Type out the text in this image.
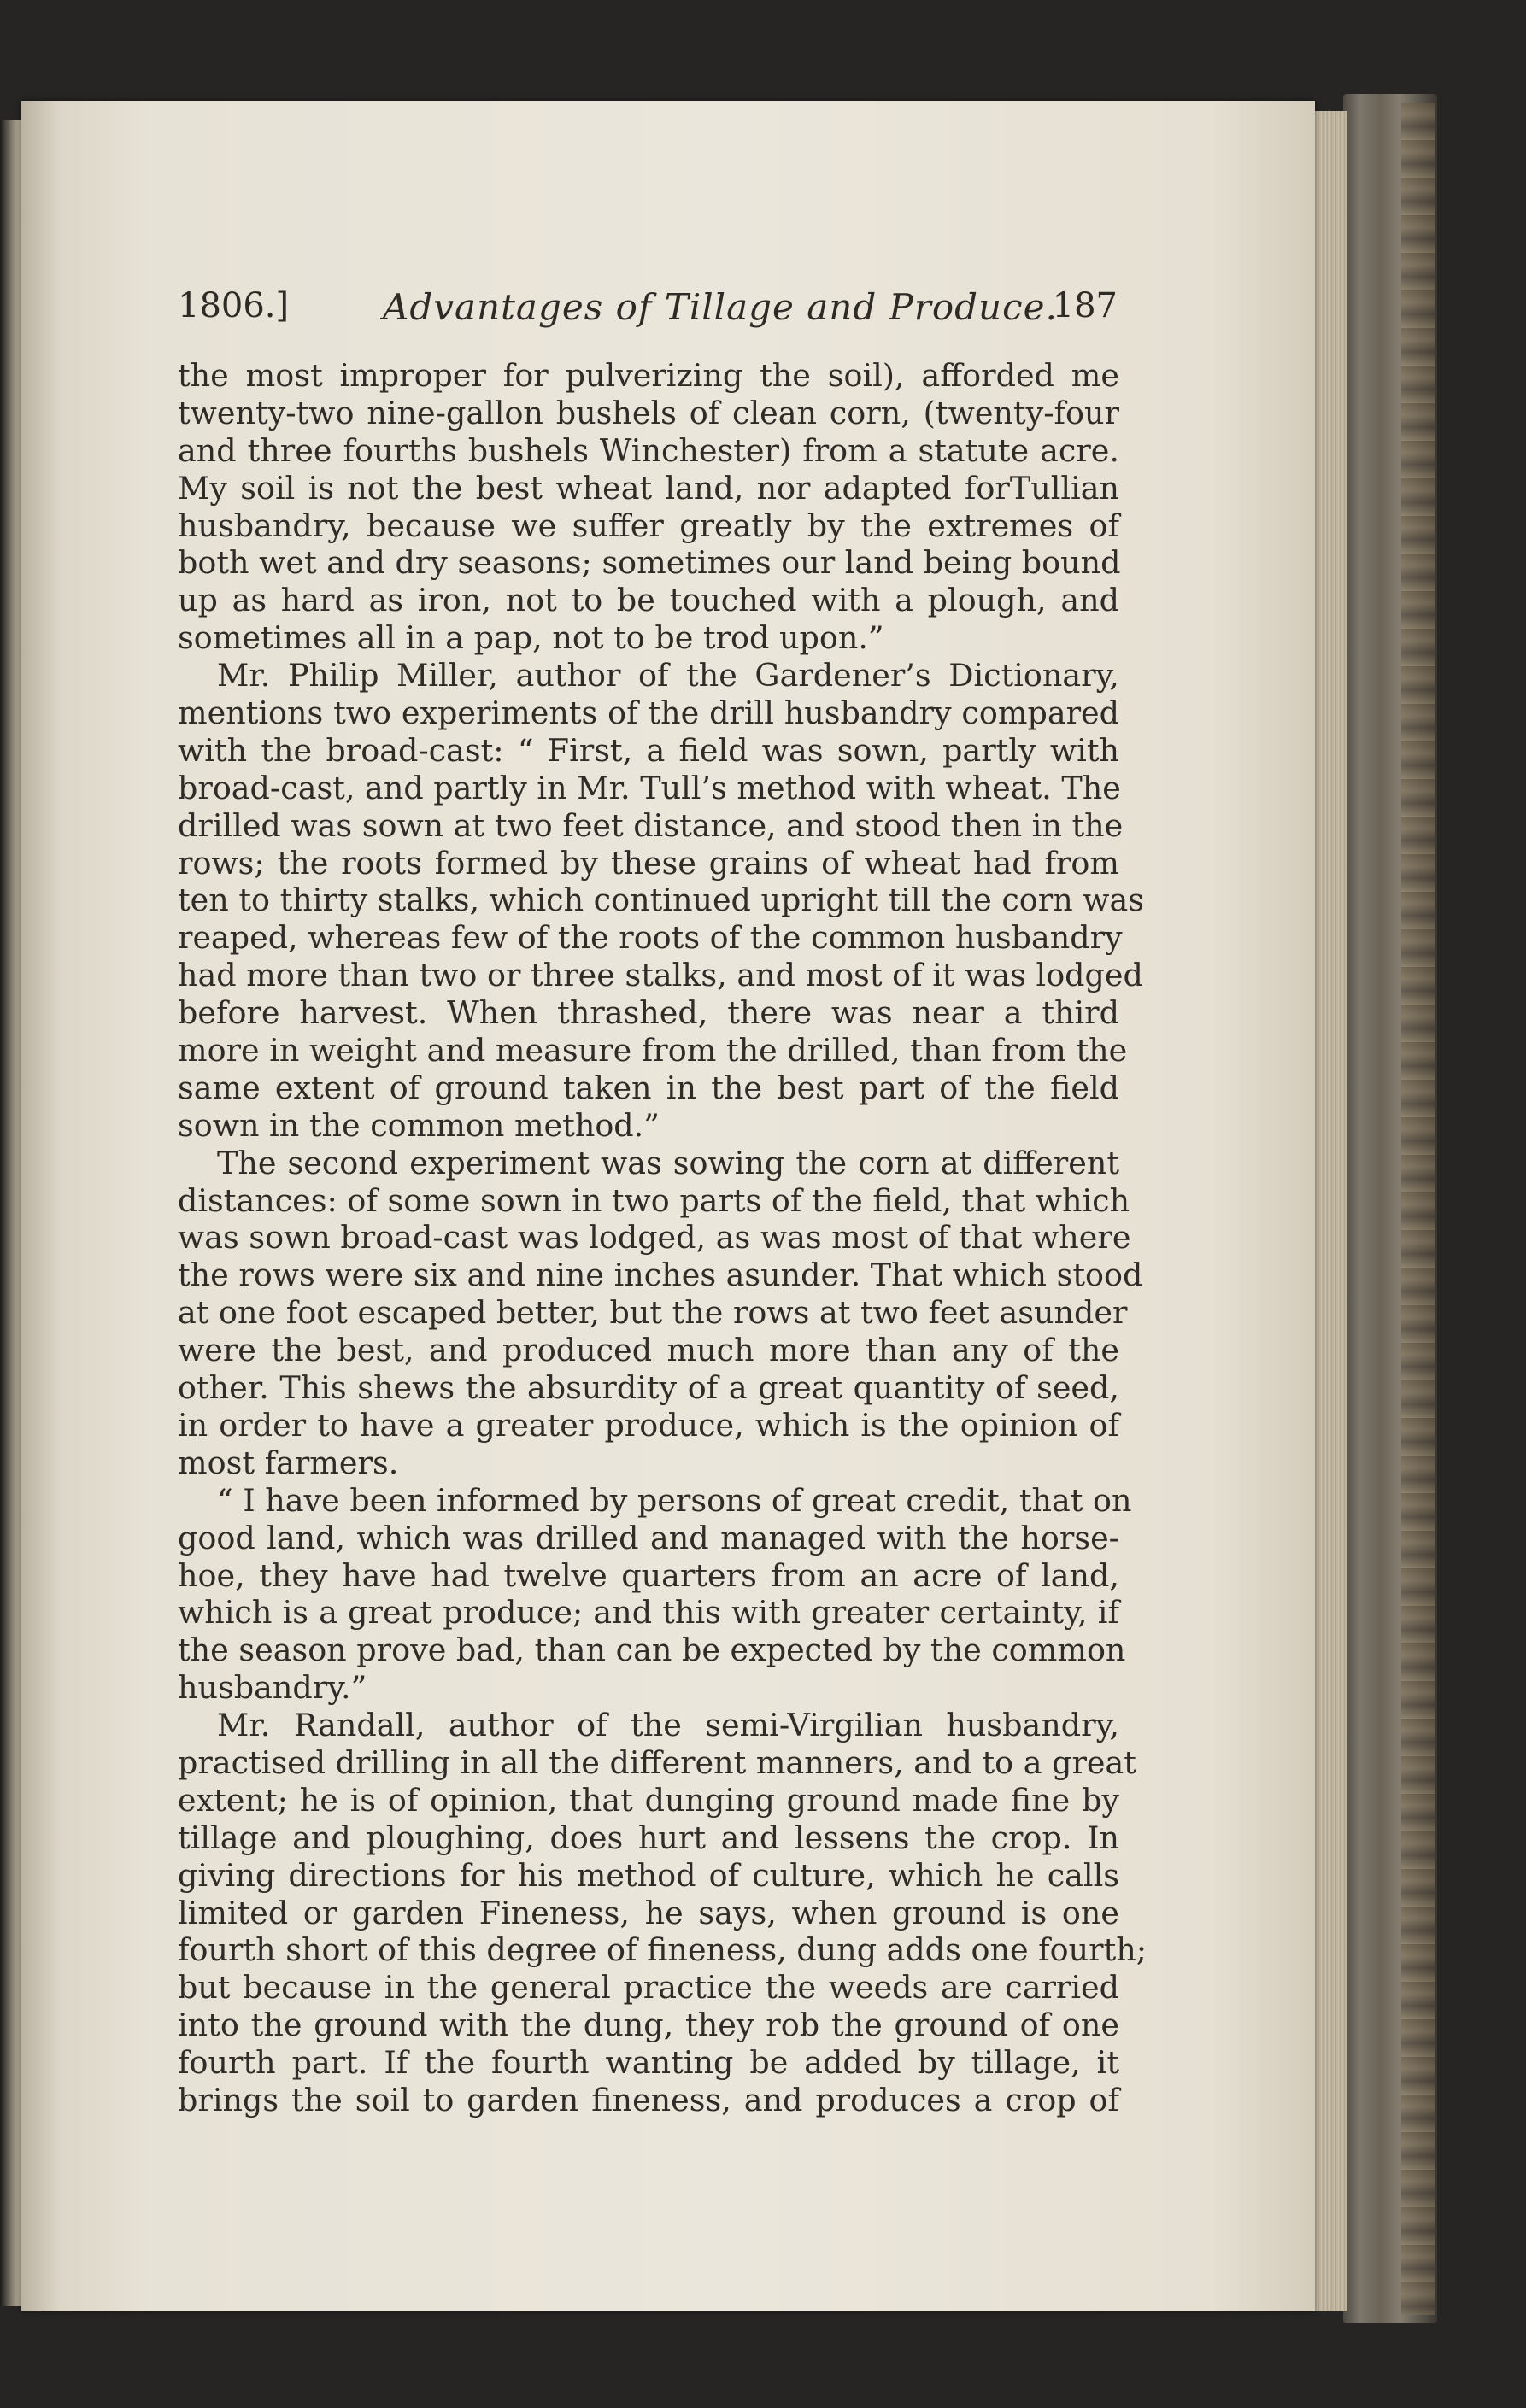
1806.]	Advantages of Tillage and Produce.
187
the most improper for pulverizing the soil), afforded me
twenty-two nine-gallon bushels of clean corn, (twenty-four
and three fourths bushels Winchester) from a statute acre.
My soil is not the best wheat land, nor adapted forTullian
husbandry, because we suffer greatly by the extremes of
both wet and dry seasons; sometimes our land being bound
up as hard as iron, not to be touched with a plough, and
sometimes all in a pap, not to be trod upon.”
Mr. Philip Miller, author of the Gardener’s Dictionary,
mentions two experiments of the drill husbandry compared
with the broad-cast: “ First, a field was sown, partly with
broad-cast, and partly in Mr. Tull’s method with wheat. The
drilled was sown at two feet distance, and stood then in the
rows; the roots formed by these grains of wheat had from
ten to thirty stalks, which continued upright till the corn was
reaped, whereas few of the roots of the common husbandry
had more than two or three stalks, and most of it was lodged
before harvest. When thrashed, there was near a third
more in weight and measure from the drilled, than from the
same extent of ground taken in the best part of the field
sown in the common method.”
The second experiment was sowing the corn at different
distances: of some sown in two parts of the field, that which
was sown broad-cast was lodged, as was most of that where
the rows were six and nine inches asunder. That which stood
at one foot escaped better, but the rows at two feet asunder
were the best, and produced much more than any of the
other. This shews the absurdity of a great quantity of seed,
in order to have a greater produce, which is the opinion of
most farmers.
“ I have been informed by persons of great credit, that on
good land, which was drilled and managed with the horse-
hoe, they have had twelve quarters from an acre of land,
which is a great produce; and this with greater certainty, if
the season prove bad, than can be expected by the common
husbandry.”
Mr. Randall, author of the semi-Virgilian husbandry,
practised drilling in all the different manners, and to a great
extent; he is of opinion, that dunging ground made fine by
tillage and ploughing, does hurt and lessens the crop. In
giving directions for his method of culture, which he calls
limited or garden Fineness, he says, when ground is one
fourth short of this degree of fineness, dung adds one fourth;
but because in the general practice the weeds are carried
into the ground with the dung, they rob the ground of one
fourth part. If the fourth wanting be added by tillage, it
brings the soil to garden fineness, and produces a crop of
